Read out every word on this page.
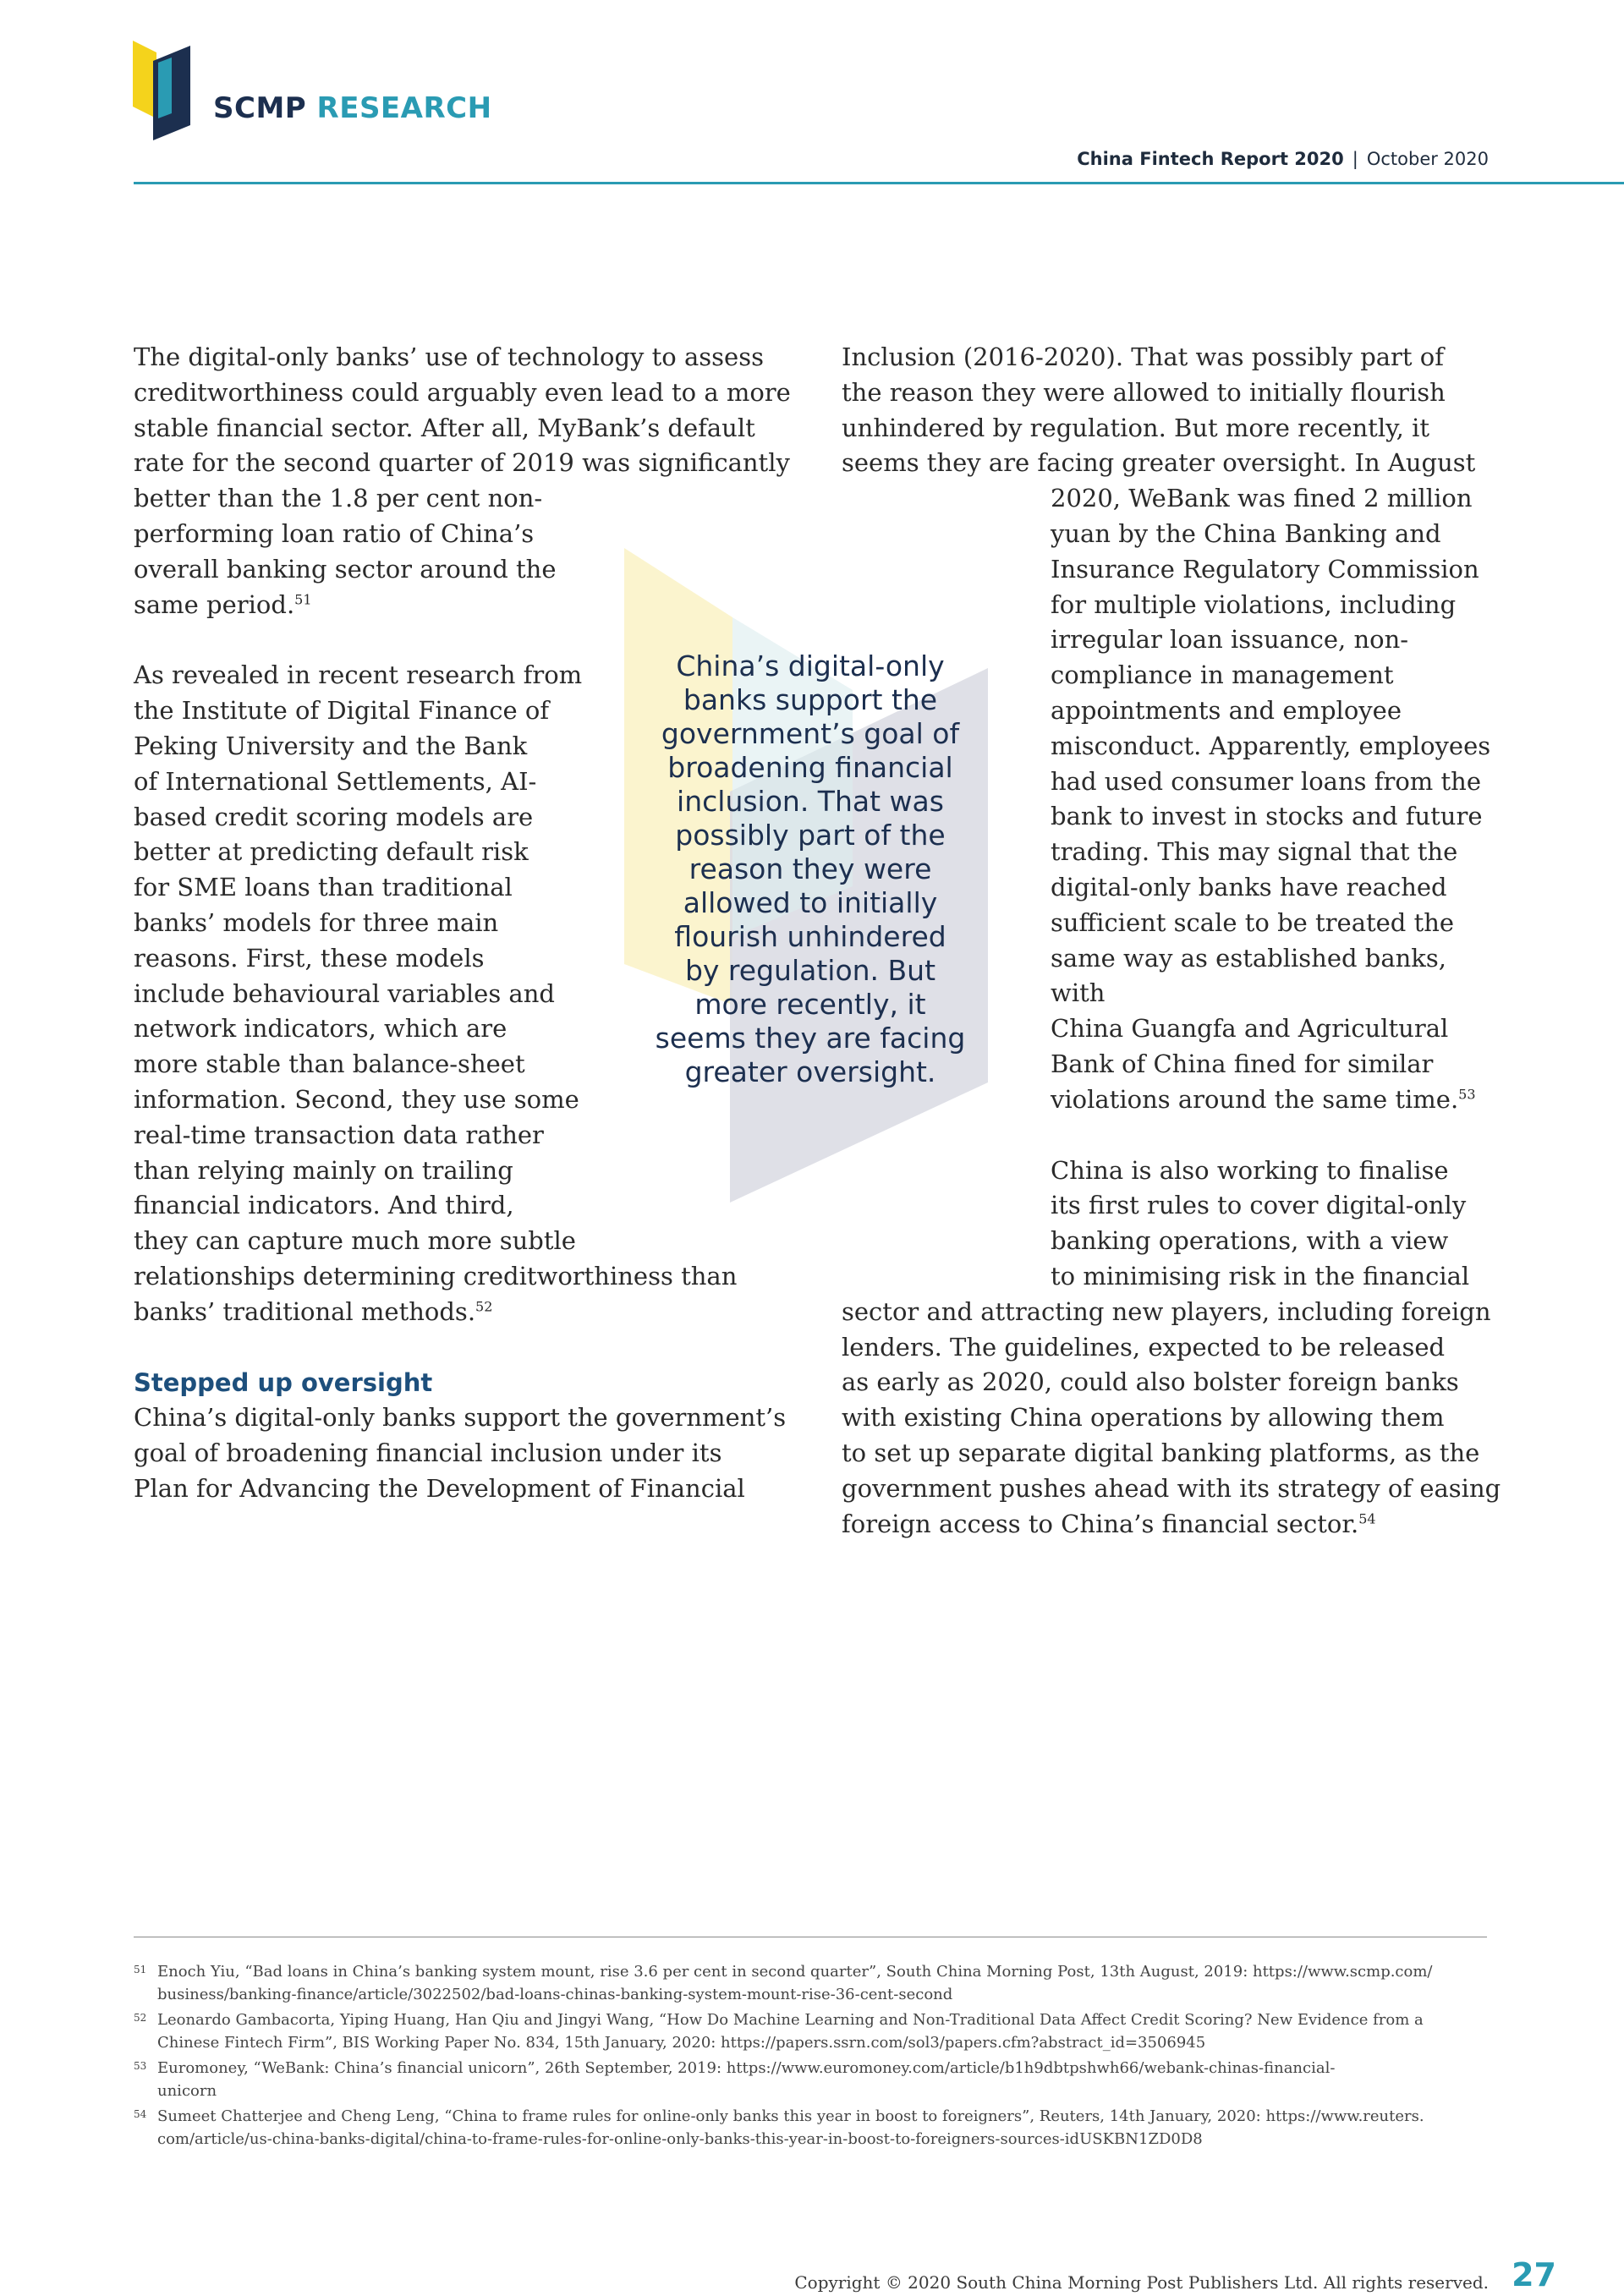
SCMP RESEARCH
China Fintech Report 2020 | October 2020

The digital-only banks’ use of technology to assess
creditworthiness could arguably even lead to a more
stable financial sector. After all, MyBank’s default
rate for the second quarter of 2019 was significantly
better than the 1.8 per cent non-
performing loan ratio of China’s
overall banking sector around the
same period.$^{51}$

As revealed in recent research from
the Institute of Digital Finance of
Peking University and the Bank
of International Settlements, AI-
based credit scoring models are
better at predicting default risk
for SME loans than traditional
banks’ models for three main
reasons. First, these models
include behavioural variables and
network indicators, which are
more stable than balance-sheet
information. Second, they use some
real-time transaction data rather
than relying mainly on trailing
financial indicators. And third,
they can capture much more subtle
relationships determining creditworthiness than
banks’ traditional methods.$^{52}$

Stepped up oversight

China’s digital-only banks support the government’s
goal of broadening financial inclusion under its
Plan for Advancing the Development of Financial

Inclusion (2016-2020). That was possibly part of
the reason they were allowed to initially flourish
unhindered by regulation. But more recently, it
seems they are facing greater oversight. In August
2020, WeBank was fined 2 million
yuan by the China Banking and
Insurance Regulatory Commission
for multiple violations, including
irregular loan issuance, non-
compliance in management
appointments and employee
misconduct. Apparently, employees
had used consumer loans from the
bank to invest in stocks and future
trading. This may signal that the
digital-only banks have reached
sufficient scale to be treated the
same way as established banks, with
China Guangfa and Agricultural
Bank of China fined for similar
violations around the same time.$^{53}$

China is also working to finalise
its first rules to cover digital-only
banking operations, with a view
to minimising risk in the financial
sector and attracting new players, including foreign
lenders. The guidelines, expected to be released
as early as 2020, could also bolster foreign banks
with existing China operations by allowing them
to set up separate digital banking platforms, as the
government pushes ahead with its strategy of easing
foreign access to China’s financial sector.$^{54}$

China’s digital-only
banks support the
government’s goal of
broadening financial
inclusion. That was
possibly part of the
reason they were
allowed to initially
flourish unhindered
by regulation. But
more recently, it
seems they are facing
greater oversight.
51 Enoch Yiu, “Bad loans in China’s banking system mount, rise 3.6 per cent in second quarter”, South China Morning Post, 13th August, 2019: https://www.scmp.com/
business/banking-finance/article/3022502/bad-loans-chinas-banking-system-mount-rise-36-cent-second
52 Leonardo Gambacorta, Yiping Huang, Han Qiu and Jingyi Wang, “How Do Machine Learning and Non-Traditional Data Affect Credit Scoring? New Evidence from a
Chinese Fintech Firm”, BIS Working Paper No. 834, 15th January, 2020: https://papers.ssrn.com/sol3/papers.cfm?abstract_id=3506945
53 Euromoney, “WeBank: China’s financial unicorn”, 26th September, 2019: https://www.euromoney.com/article/b1h9dbtpshwh66/webank-chinas-financial-
unicorn
54 Sumeet Chatterjee and Cheng Leng, “China to frame rules for online-only banks this year in boost to foreigners”, Reuters, 14th January, 2020: https://www.reuters.
com/article/us-china-banks-digital/china-to-frame-rules-for-online-only-banks-this-year-in-boost-to-foreigners-sources-idUSKBN1ZD0D8
Copyright © 2020 South China Morning Post Publishers Ltd. All rights reserved. 27
